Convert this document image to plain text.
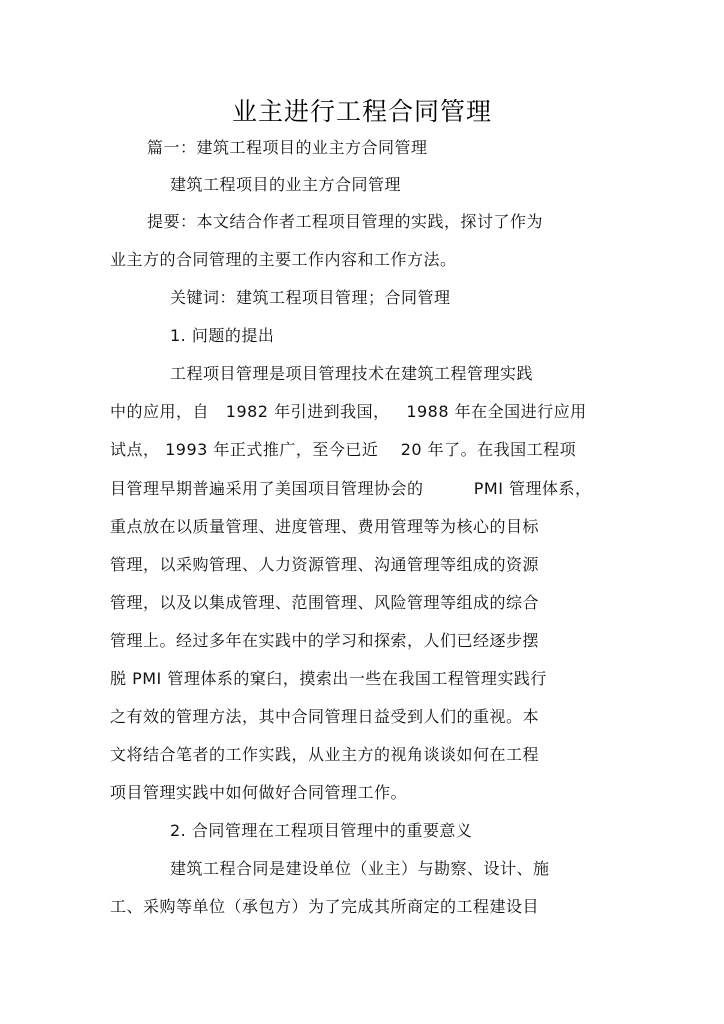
业主进行工程合同管理
篇一：建筑工程项目的业主方合同管理
建筑工程项目的业主方合同管理
提要：本文结合作者工程项目管理的实践，探讨了作为
业主方的合同管理的主要工作内容和工作方法。
关键词：建筑工程项目管理；合同管理
1. 问题的提出
工程项目管理是项目管理技术在建筑工程管理实践
中的应用，自   1982 年引进到我国，   1988 年在全国进行应用
试点， 1993 年正式推广，至今已近    20 年了。在我国工程项
目管理早期普遍采用了美国项目管理协会的         PMI 管理体系，
重点放在以质量管理、进度管理、费用管理等为核心的目标
管理，以采购管理、人力资源管理、沟通管理等组成的资源
管理，以及以集成管理、范围管理、风险管理等组成的综合
管理上。经过多年在实践中的学习和探索，人们已经逐步摆
脱 PMI 管理体系的窠臼，摸索出一些在我国工程管理实践行
之有效的管理方法，其中合同管理日益受到人们的重视。本
文将结合笔者的工作实践，从业主方的视角谈谈如何在工程
项目管理实践中如何做好合同管理工作。
2. 合同管理在工程项目管理中的重要意义
建筑工程合同是建设单位（业主）与勘察、设计、施
工、采购等单位（承包方）为了完成其所商定的工程建设目
